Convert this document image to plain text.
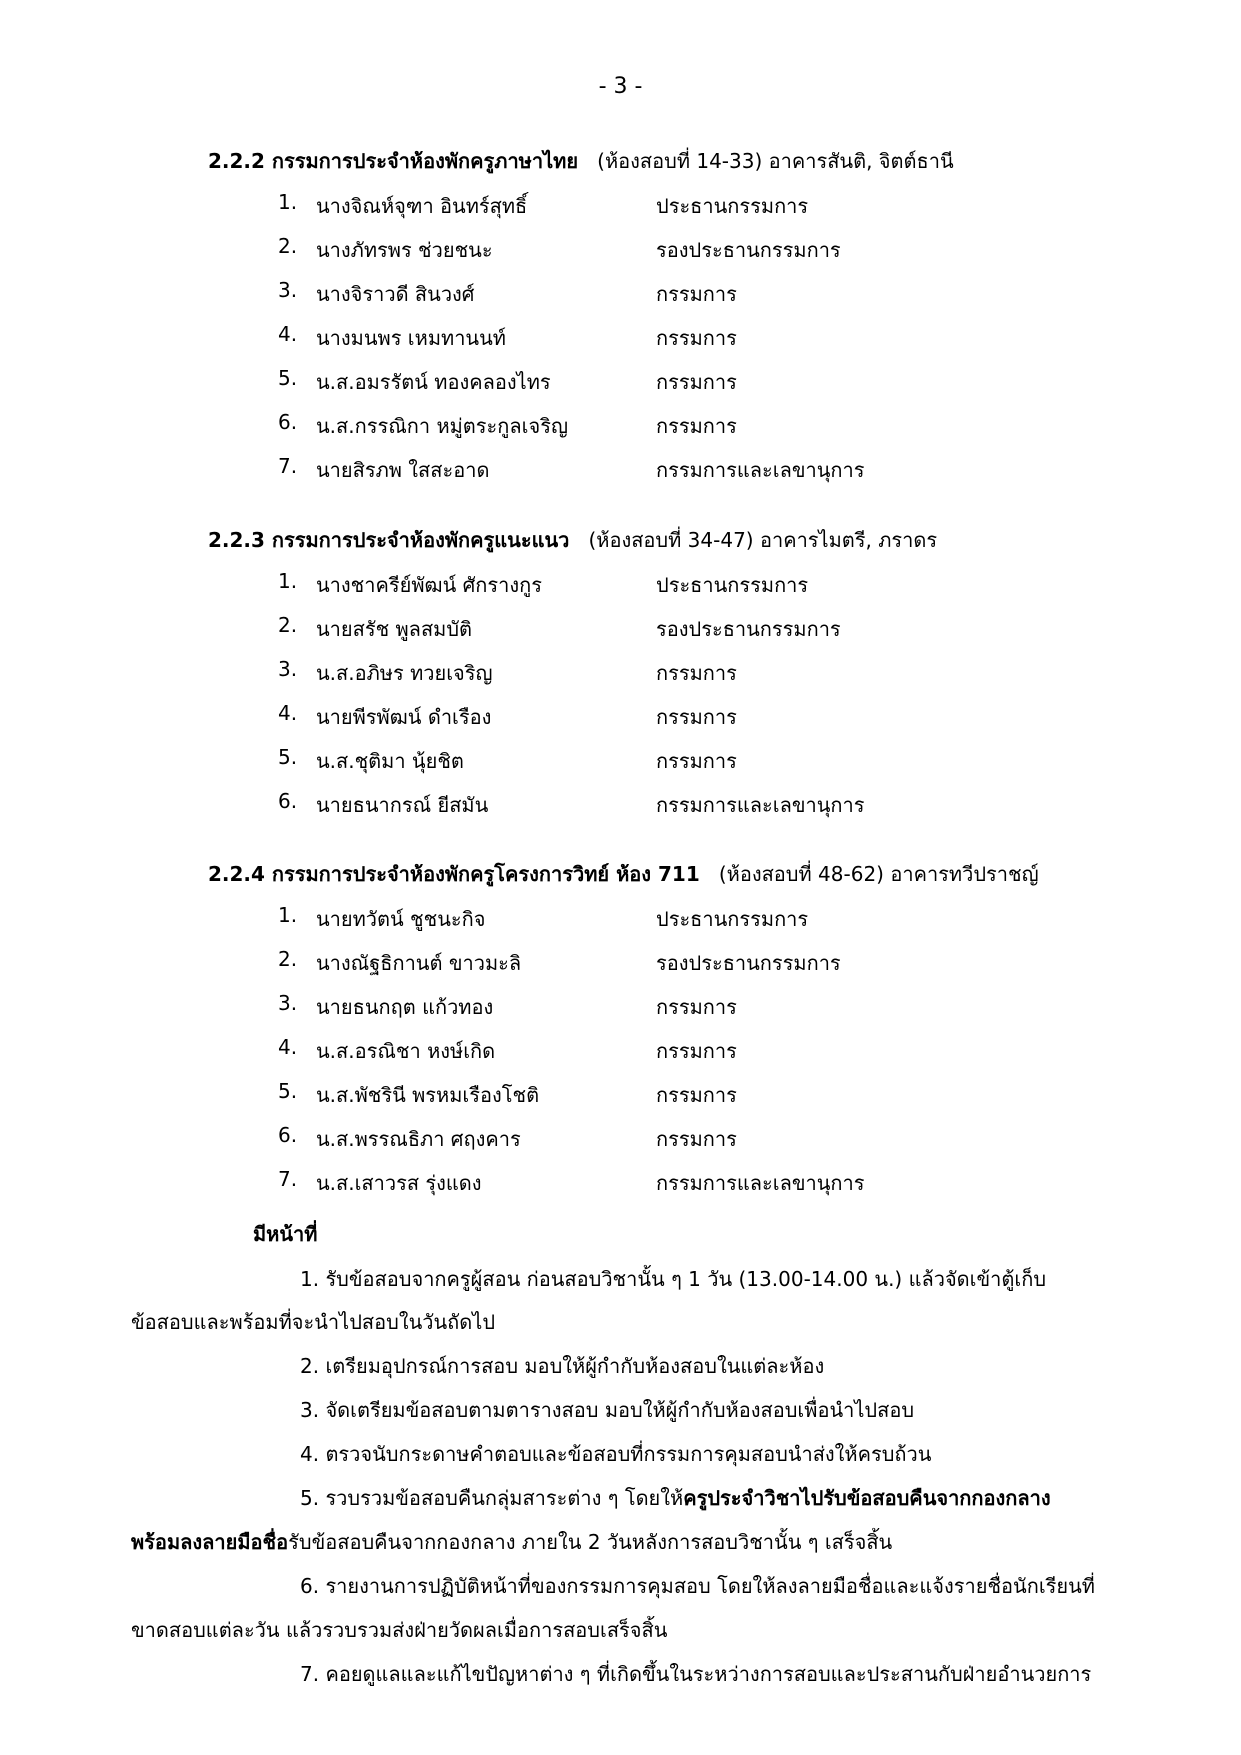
- 3 -
2.2.2 กรรมการประจำห้องพักครูภาษาไทย (ห้องสอบที่ 14-33) อาคารสันติ, จิตต์ธานี
1. นางจิณห์จุฑา อินทร์สุทธิ์	ประธานกรรมการ
2. นางภัทรพร ช่วยชนะ	รองประธานกรรมการ
3. นางจิราวดี สินวงศ์	กรรมการ
4. นางมนพร เหมทานนท์	กรรมการ
5. น.ส.อมรรัตน์ ทองคลองไทร	กรรมการ
6. น.ส.กรรณิกา หมู่ตระกูลเจริญ	กรรมการ
7. นายสิรภพ ใสสะอาด	กรรมการและเลขานุการ
2.2.3 กรรมการประจำห้องพักครูแนะแนว (ห้องสอบที่ 34-47) อาคารไมตรี, ภราดร
1. นางชาครีย์พัฒน์ ศักรางกูร	ประธานกรรมการ
2. นายสรัช พูลสมบัติ	รองประธานกรรมการ
3. น.ส.อภิษร ทวยเจริญ	กรรมการ
4. นายพีรพัฒน์ ดำเรือง	กรรมการ
5. น.ส.ชุติมา นุ้ยชิต	กรรมการ
6. นายธนากรณ์ ยีสมัน	กรรมการและเลขานุการ
2.2.4 กรรมการประจำห้องพักครูโครงการวิทย์ ห้อง 711 (ห้องสอบที่ 48-62) อาคารทวีปราชญ์
1. นายทวัตน์ ชูชนะกิจ	ประธานกรรมการ
2. นางณัฐธิกานต์ ขาวมะลิ	รองประธานกรรมการ
3. นายธนกฤต แก้วทอง	กรรมการ
4. น.ส.อรณิชา หงษ์เกิด	กรรมการ
5. น.ส.พัชรินี พรหมเรืองโชติ	กรรมการ
6. น.ส.พรรณธิภา ศฤงคาร	กรรมการ
7. น.ส.เสาวรส รุ่งแดง	กรรมการและเลขานุการ
มีหน้าที่
1. รับข้อสอบจากครูผู้สอน ก่อนสอบวิชานั้น ๆ 1 วัน (13.00-14.00 น.) แล้วจัดเข้าตู้เก็บ
ข้อสอบและพร้อมที่จะนำไปสอบในวันถัดไป
2. เตรียมอุปกรณ์การสอบ มอบให้ผู้กำกับห้องสอบในแต่ละห้อง
3. จัดเตรียมข้อสอบตามตารางสอบ มอบให้ผู้กำกับห้องสอบเพื่อนำไปสอบ
4. ตรวจนับกระดาษคำตอบและข้อสอบที่กรรมการคุมสอบนำส่งให้ครบถ้วน
5. รวบรวมข้อสอบคืนกลุ่มสาระต่าง ๆ โดยให้ครูประจำวิชาไปรับข้อสอบคืนจากกองกลาง
พร้อมลงลายมือชื่อรับข้อสอบคืนจากกองกลาง ภายใน 2 วันหลังการสอบวิชานั้น ๆ เสร็จสิ้น
6. รายงานการปฏิบัติหน้าที่ของกรรมการคุมสอบ โดยให้ลงลายมือชื่อและแจ้งรายชื่อนักเรียนที่
ขาดสอบแต่ละวัน แล้วรวบรวมส่งฝ่ายวัดผลเมื่อการสอบเสร็จสิ้น
7. คอยดูแลและแก้ไขปัญหาต่าง ๆ ที่เกิดขึ้นในระหว่างการสอบและประสานกับฝ่ายอำนวยการ
